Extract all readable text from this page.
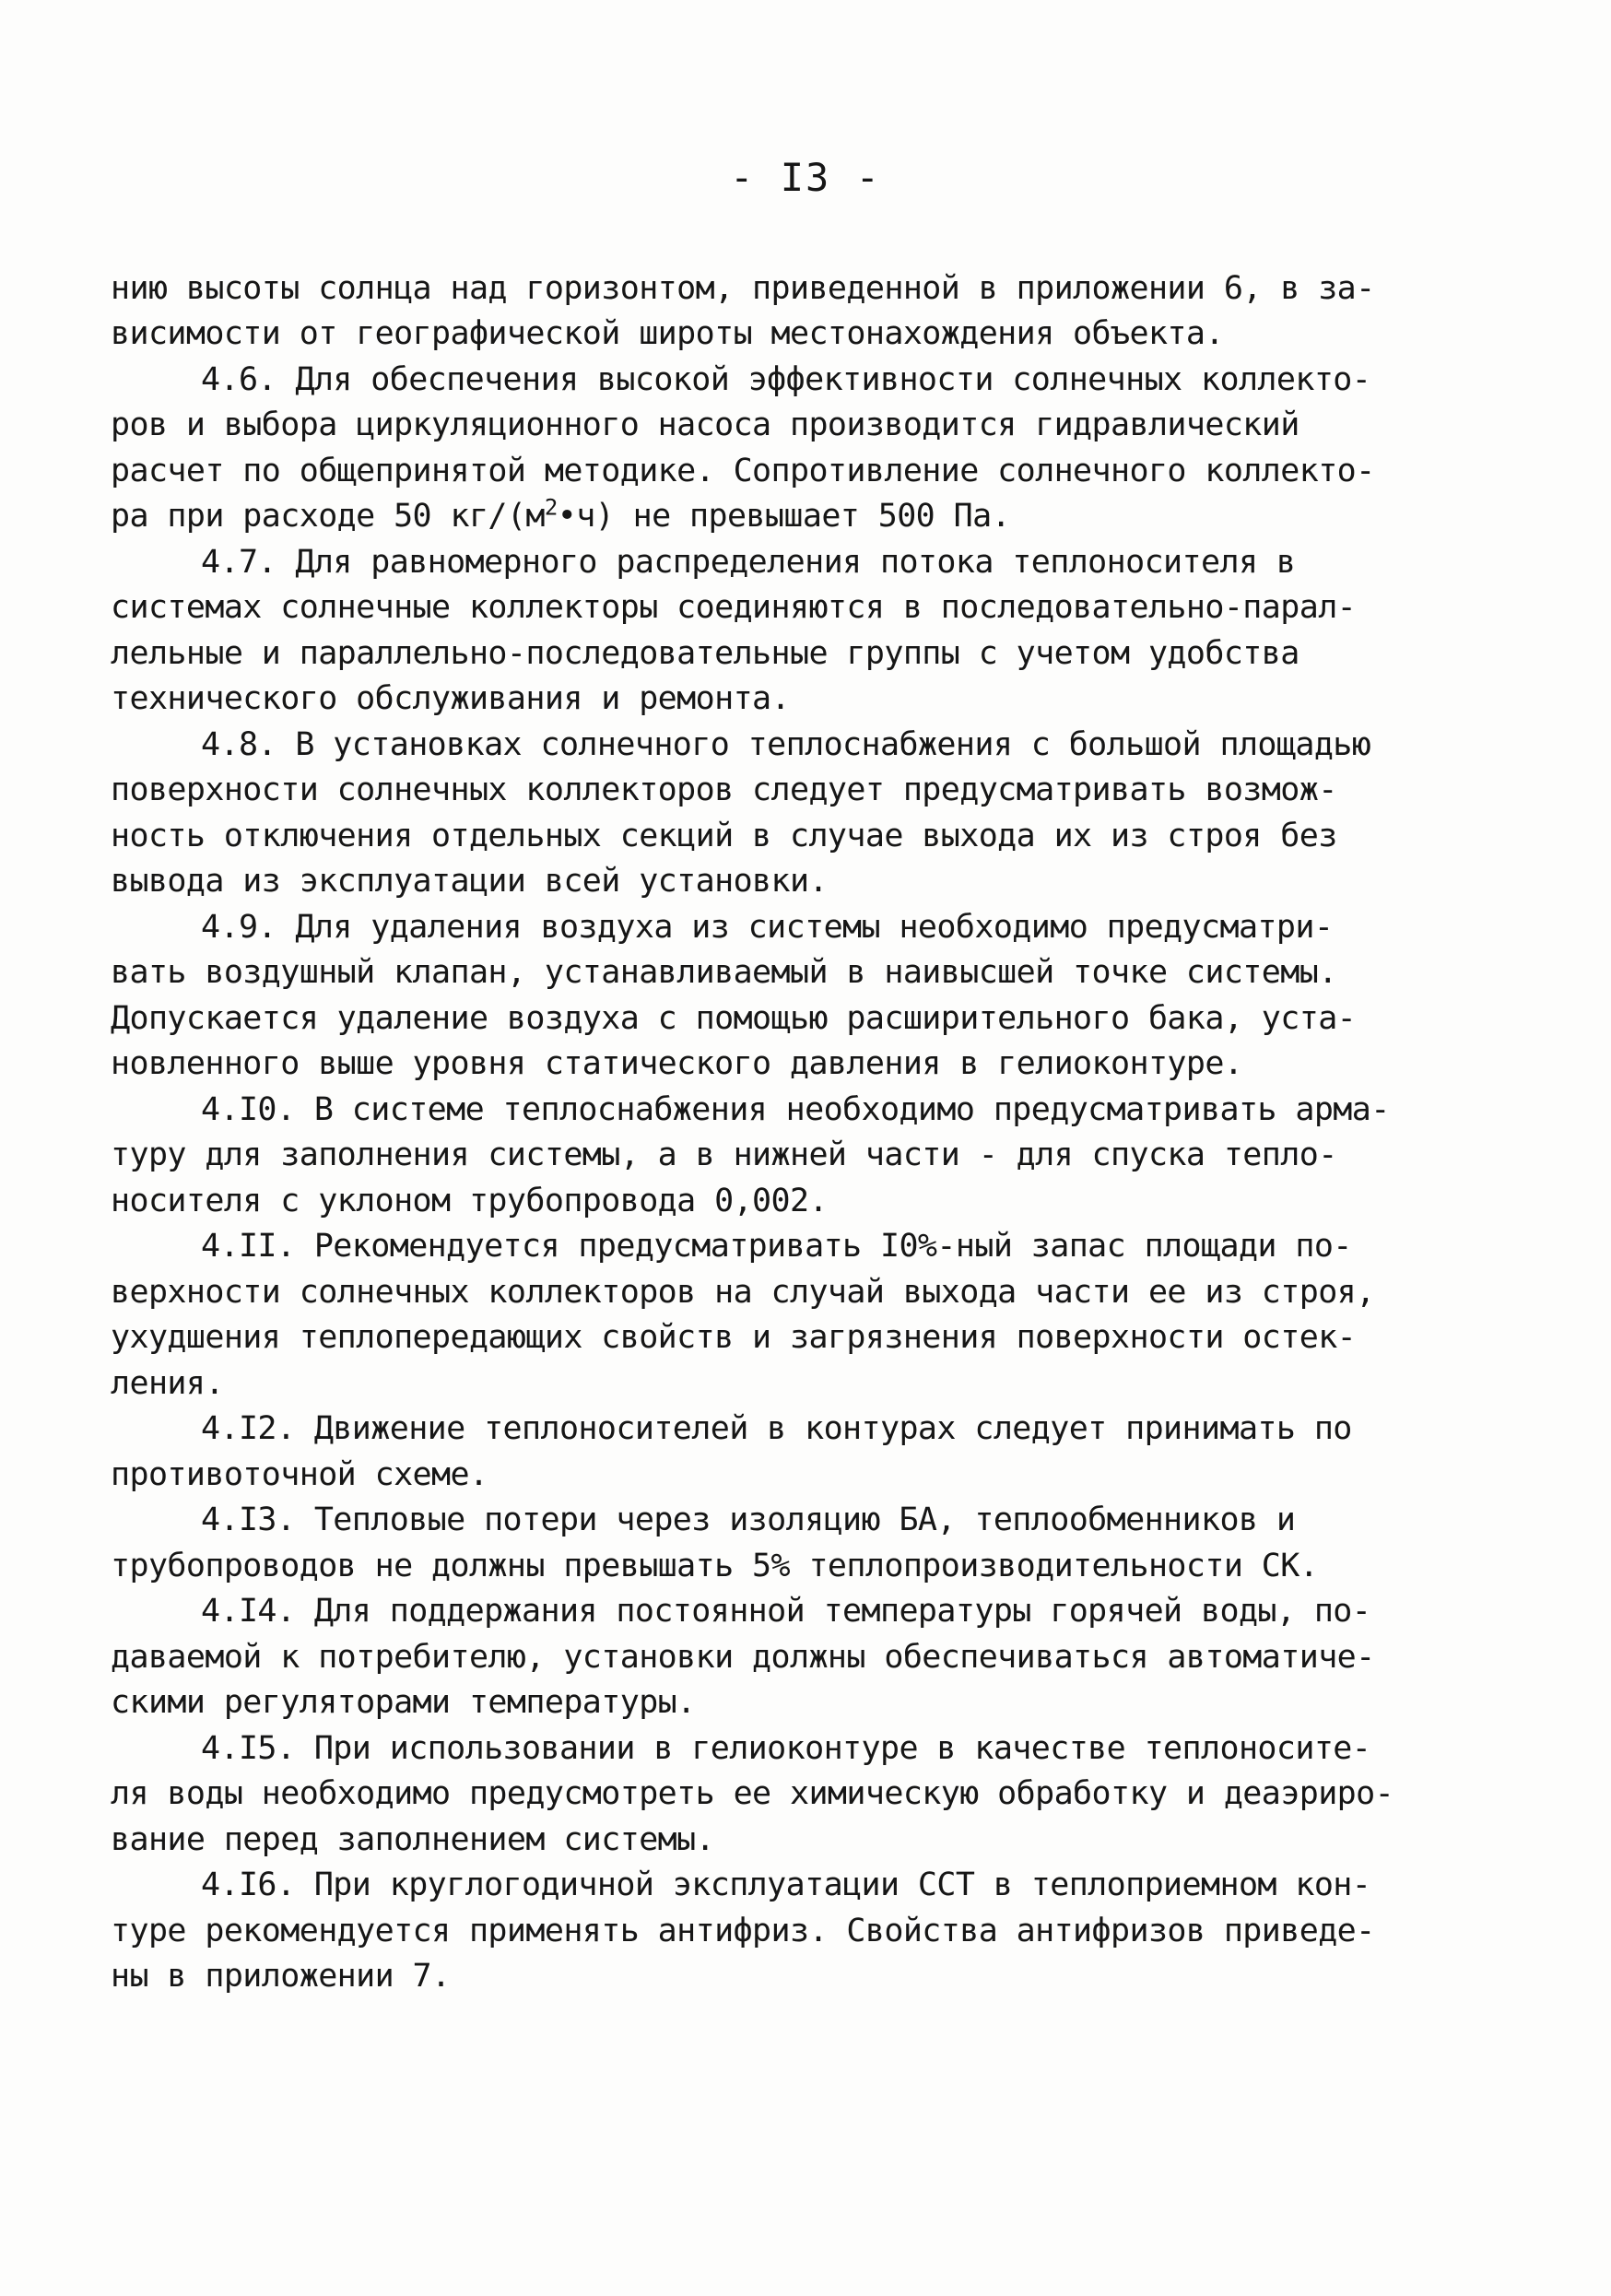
- I3 -

нию высоты солнца над горизонтом, приведенной в приложении 6, в за-

висимости от географической широты местонахождения объекта.

4.6. Для обеспечения высокой эффективности солнечных коллекто-

ров и выбора циркуляционного насоса производится гидравлический

расчет по общепринятой методике. Сопротивление солнечного коллекто-

ра при расходе 50 $кг/(м^2•ч)$ не превышает 500 Па.

4.7. Для равномерного распределения потока теплоносителя в

системах солнечные коллекторы соединяются в последовательно-парал-

лельные и параллельно-последовательные группы с учетом удобства

технического обслуживания и ремонта.

4.8. В установках солнечного теплоснабжения с большой площадью

поверхности солнечных коллекторов следует предусматривать возмож-

ность отключения отдельных секций в случае выхода их из строя без

вывода из эксплуатации всей установки.

4.9. Для удаления воздуха из системы необходимо предусматри-

вать воздушный клапан, устанавливаемый в наивысшей точке системы.

Допускается удаление воздуха с помощью расширительного бака, уста-

новленного выше уровня статического давления в гелиоконтуре.

4.I0. В системе теплоснабжения необходимо предусматривать арма-

туру для заполнения системы, а в нижней части - для спуска тепло-

носителя с уклоном трубопровода 0,002.

4.II. Рекомендуется предусматривать I0%-ный запас площади по-

верхности солнечных коллекторов на случай выхода части ее из строя,

ухудшения теплопередающих свойств и загрязнения поверхности остек-

ления.

4.I2. Движение теплоносителей в контурах следует принимать по

противоточной схеме.

4.I3. Тепловые потери через изоляцию БА, теплообменников и

трубопроводов не должны превышать 5% теплопроизводительности СК.

4.I4. Для поддержания постоянной температуры горячей воды, по-

даваемой к потребителю, установки должны обеспечиваться автоматиче-

скими регуляторами температуры.

4.I5. При использовании в гелиоконтуре в качестве теплоносите-

ля воды необходимо предусмотреть ее химическую обработку и деаэриро-

вание перед заполнением системы.

4.I6. При круглогодичной эксплуатации ССТ в теплоприемном кон-

туре рекомендуется применять антифриз. Свойства антифризов приведе-

ны в приложении 7.
